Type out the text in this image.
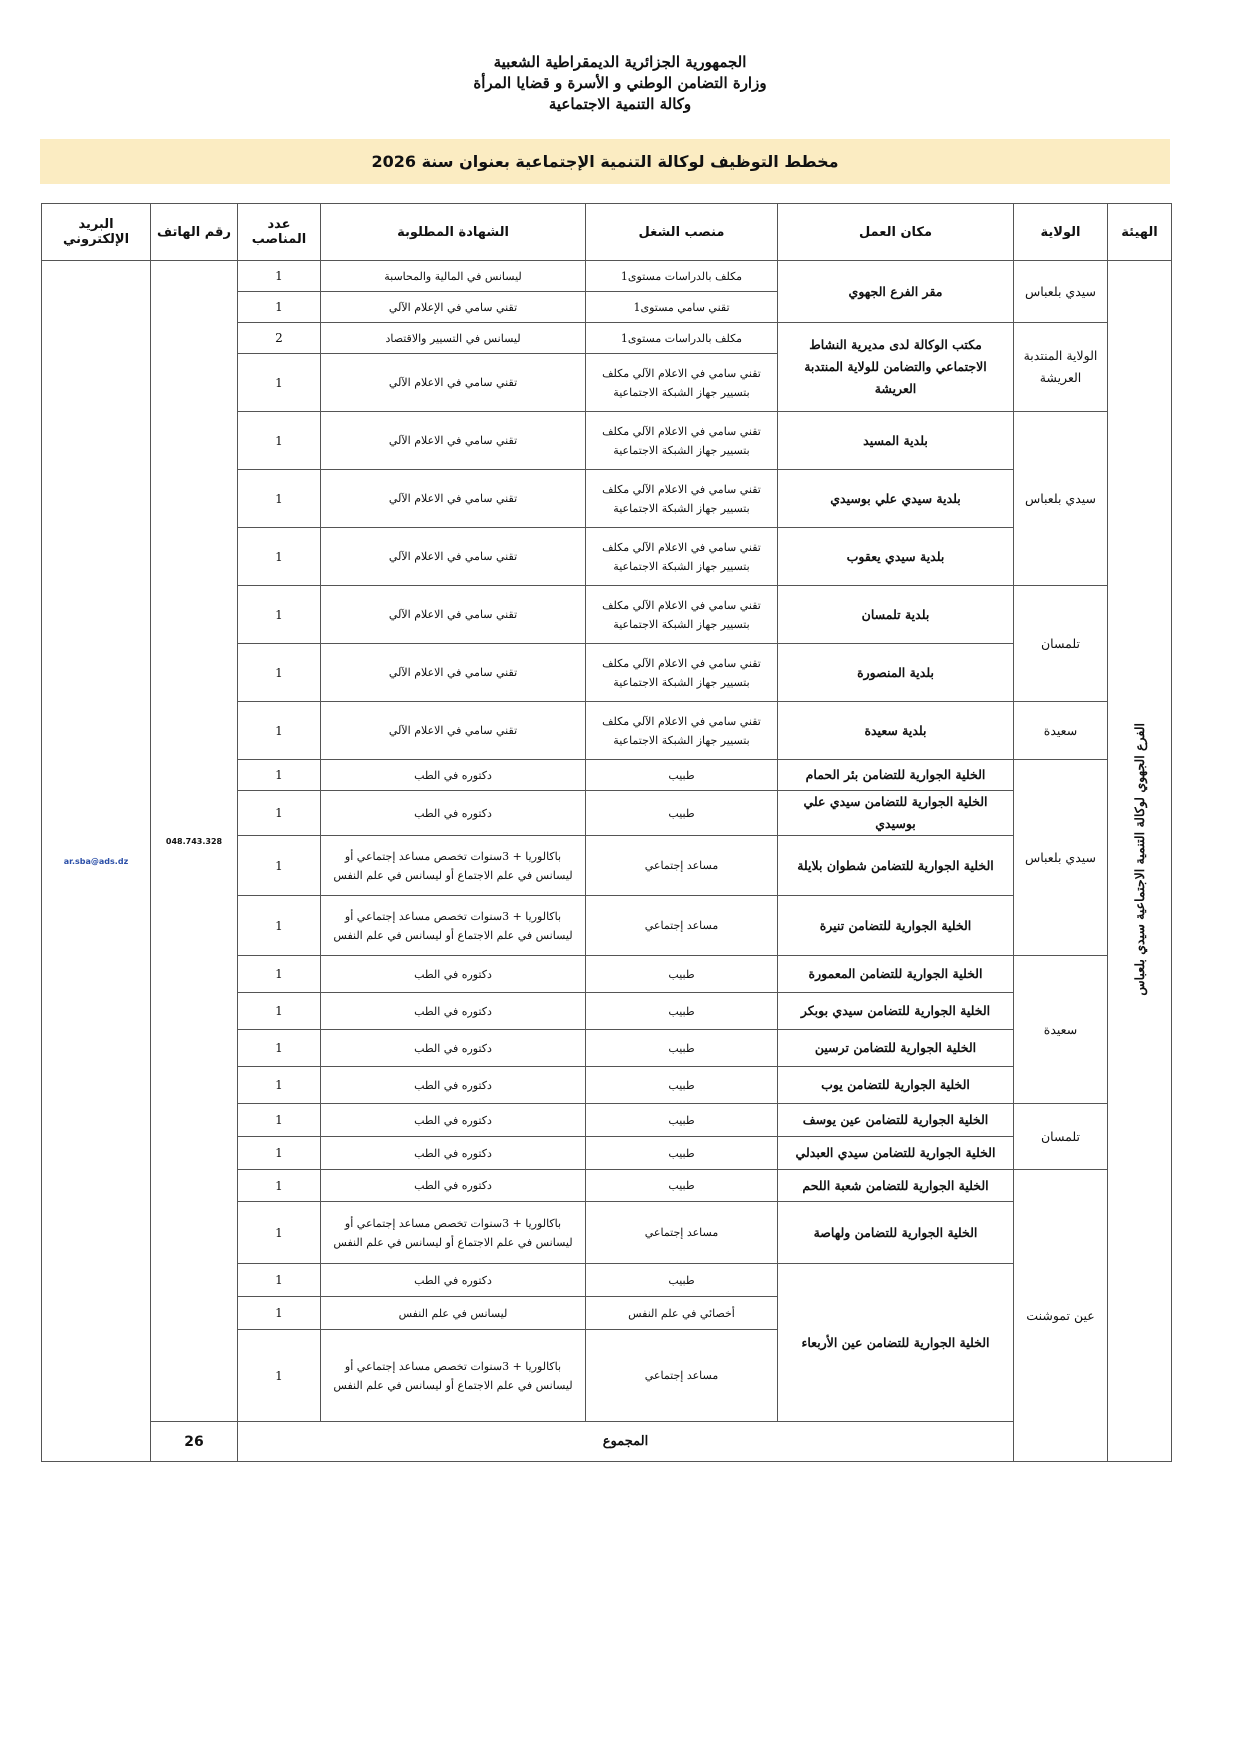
الجمهورية الجزائرية الديمقراطية الشعبية
وزارة التضامن الوطني و الأسرة و قضايا المرأة
وكالة التنمية الاجتماعية
مخطط التوظيف لوكالة التنمية الإجتماعية بعنوان سنة 2026
الهيئة	الولاية	مكان العمل	منصب الشغل	الشهادة المطلوبة	عدد المناصب	رقم الهاتف	البريد الإلكتروني	
الفرع الجهوي لوكالة التنمية الاجتماعية سيدي بلعباس	سيدي بلعباس	مقر الفرع الجهوي	مكلف بالدراسات مستوى1	ليسانس في المالية والمحاسبة	1	048.743.328	ar.sba@ads.dz	
			تقني سامي مستوى1	تقني سامي في الإعلام الآلي	1			
	الولاية المنتدبة العريشة	مكتب الوكالة لدى مديرية النشاط الاجتماعي والتضامن للولاية المنتدبة العريشة	مكلف بالدراسات مستوى1	ليسانس في التسيير والاقتصاد	2			
			تقني سامي في الاعلام الآلي مكلف بتسيير جهاز الشبكة الاجتماعية	تقني سامي في الاعلام الآلي	1			
	سيدي بلعباس	بلدية المسيد	تقني سامي في الاعلام الآلي مكلف بتسيير جهاز الشبكة الاجتماعية	تقني سامي في الاعلام الآلي	1			
		بلدية سيدي علي بوسيدي	تقني سامي في الاعلام الآلي مكلف بتسيير جهاز الشبكة الاجتماعية	تقني سامي في الاعلام الآلي	1			
		بلدية سيدي يعقوب	تقني سامي في الاعلام الآلي مكلف بتسيير جهاز الشبكة الاجتماعية	تقني سامي في الاعلام الآلي	1			
	تلمسان	بلدية تلمسان	تقني سامي في الاعلام الآلي مكلف بتسيير جهاز الشبكة الاجتماعية	تقني سامي في الاعلام الآلي	1			
		بلدية المنصورة	تقني سامي في الاعلام الآلي مكلف بتسيير جهاز الشبكة الاجتماعية	تقني سامي في الاعلام الآلي	1			
	سعيدة	بلدية سعيدة	تقني سامي في الاعلام الآلي مكلف بتسيير جهاز الشبكة الاجتماعية	تقني سامي في الاعلام الآلي	1			
	سيدي بلعباس	الخلية الجوارية للتضامن بئر الحمام	طبيب	دكتوره في الطب	1			
		الخلية الجوارية للتضامن سيدي علي بوسيدي	طبيب	دكتوره في الطب	1			
		الخلية الجوارية للتضامن شطوان بلايلة	مساعد إجتماعي	باكالوريا + 3سنوات تخصص مساعد إجتماعي أو ليسانس في علم الاجتماع أو ليسانس في علم النفس	1			
		الخلية الجوارية للتضامن تنيرة	مساعد إجتماعي	باكالوريا + 3سنوات تخصص مساعد إجتماعي أو ليسانس في علم الاجتماع أو ليسانس في علم النفس	1			
	سعيدة	الخلية الجوارية للتضامن المعمورة	طبيب	دكتوره في الطب	1			
		الخلية الجوارية للتضامن سيدي بوبكر	طبيب	دكتوره في الطب	1			
		الخلية الجوارية للتضامن ترسين	طبيب	دكتوره في الطب	1			
		الخلية الجوارية للتضامن يوب	طبيب	دكتوره في الطب	1			
	تلمسان	الخلية الجوارية للتضامن عين يوسف	طبيب	دكتوره في الطب	1			
		الخلية الجوارية للتضامن سيدي العبدلي	طبيب	دكتوره في الطب	1			
	عين تموشنت	الخلية الجوارية للتضامن شعبة اللحم	طبيب	دكتوره في الطب	1			
		الخلية الجوارية للتضامن ولهاصة	مساعد إجتماعي	باكالوريا + 3سنوات تخصص مساعد إجتماعي أو ليسانس في علم الاجتماع أو ليسانس في علم النفس	1			
		الخلية الجوارية للتضامن عين الأربعاء	طبيب	دكتوره في الطب	1			
			أخصائي في علم النفس	ليسانس في علم النفس	1			
			مساعد إجتماعي	باكالوريا + 3سنوات تخصص مساعد إجتماعي أو ليسانس في علم الاجتماع أو ليسانس في علم النفس	1			
		المجموع				26		
